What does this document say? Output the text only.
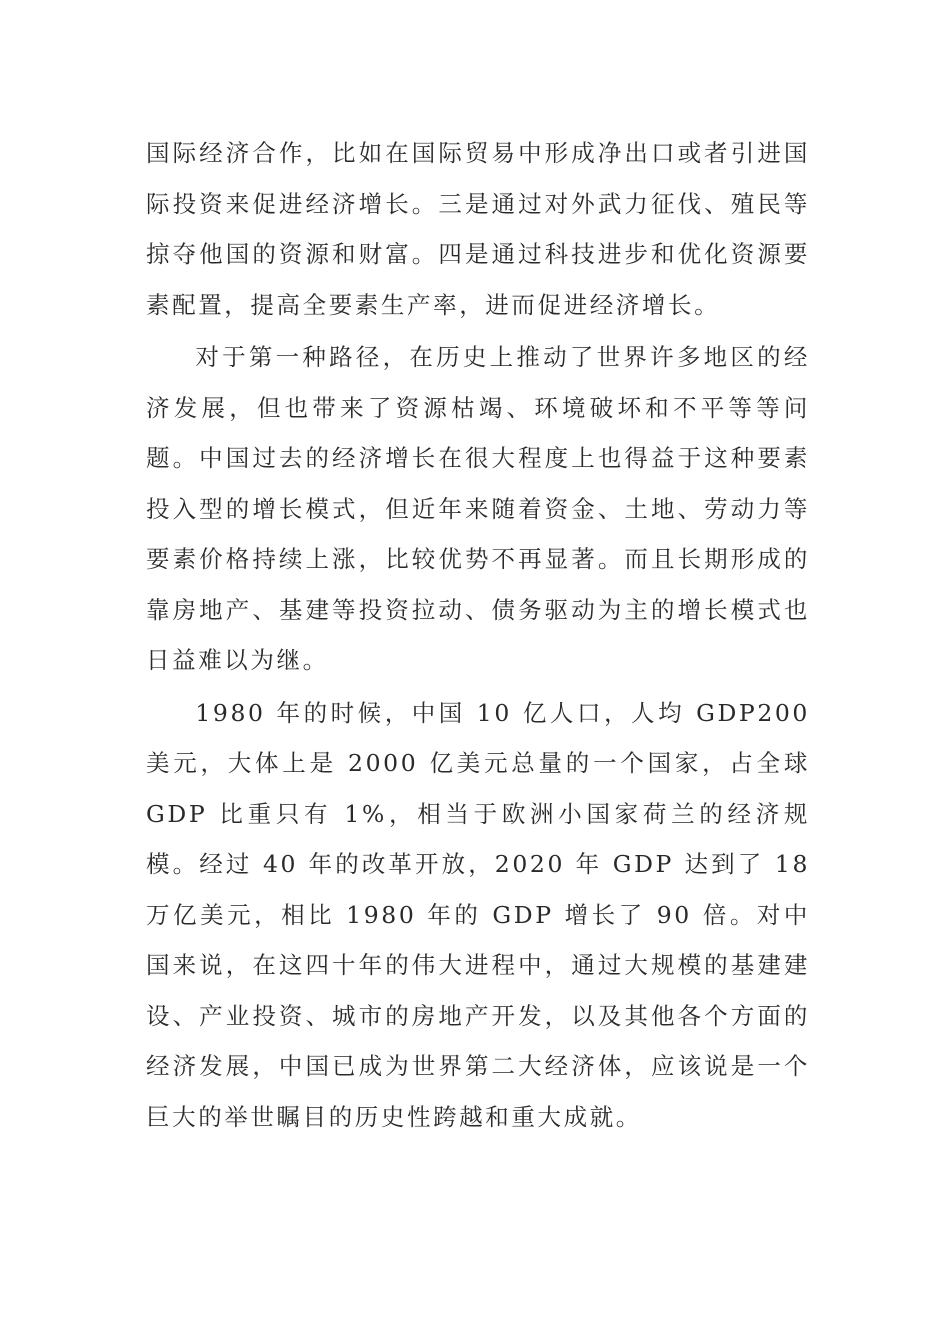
国际经济合作，比如在国际贸易中形成净出口或者引进国际投资来促进经济增长。三是通过对外武力征伐、殖民等掠夺他国的资源和财富。四是通过科技进步和优化资源要素配置，提高全要素生产率，进而促进经济增长。

对于第一种路径，在历史上推动了世界许多地区的经济发展，但也带来了资源枯竭、环境破坏和不平等等问题。中国过去的经济增长在很大程度上也得益于这种要素投入型的增长模式，但近年来随着资金、土地、劳动力等要素价格持续上涨，比较优势不再显著。而且长期形成的靠房地产、基建等投资拉动、债务驱动为主的增长模式也日益难以为继。

1980 年的时候，中国 10 亿人口，人均 GDP200 美元，大体上是 2000 亿美元总量的一个国家，占全球 GDP 比重只有 1%，相当于欧洲小国家荷兰的经济规模。经过 40 年的改革开放，2020 年 GDP 达到了 18 万亿美元，相比 1980 年的 GDP 增长了 90 倍。对中国来说，在这四十年的伟大进程中，通过大规模的基建建设、产业投资、城市的房地产开发，以及其他各个方面的经济发展，中国已成为世界第二大经济体，应该说是一个巨大的举世瞩目的历史性跨越和重大成就。
